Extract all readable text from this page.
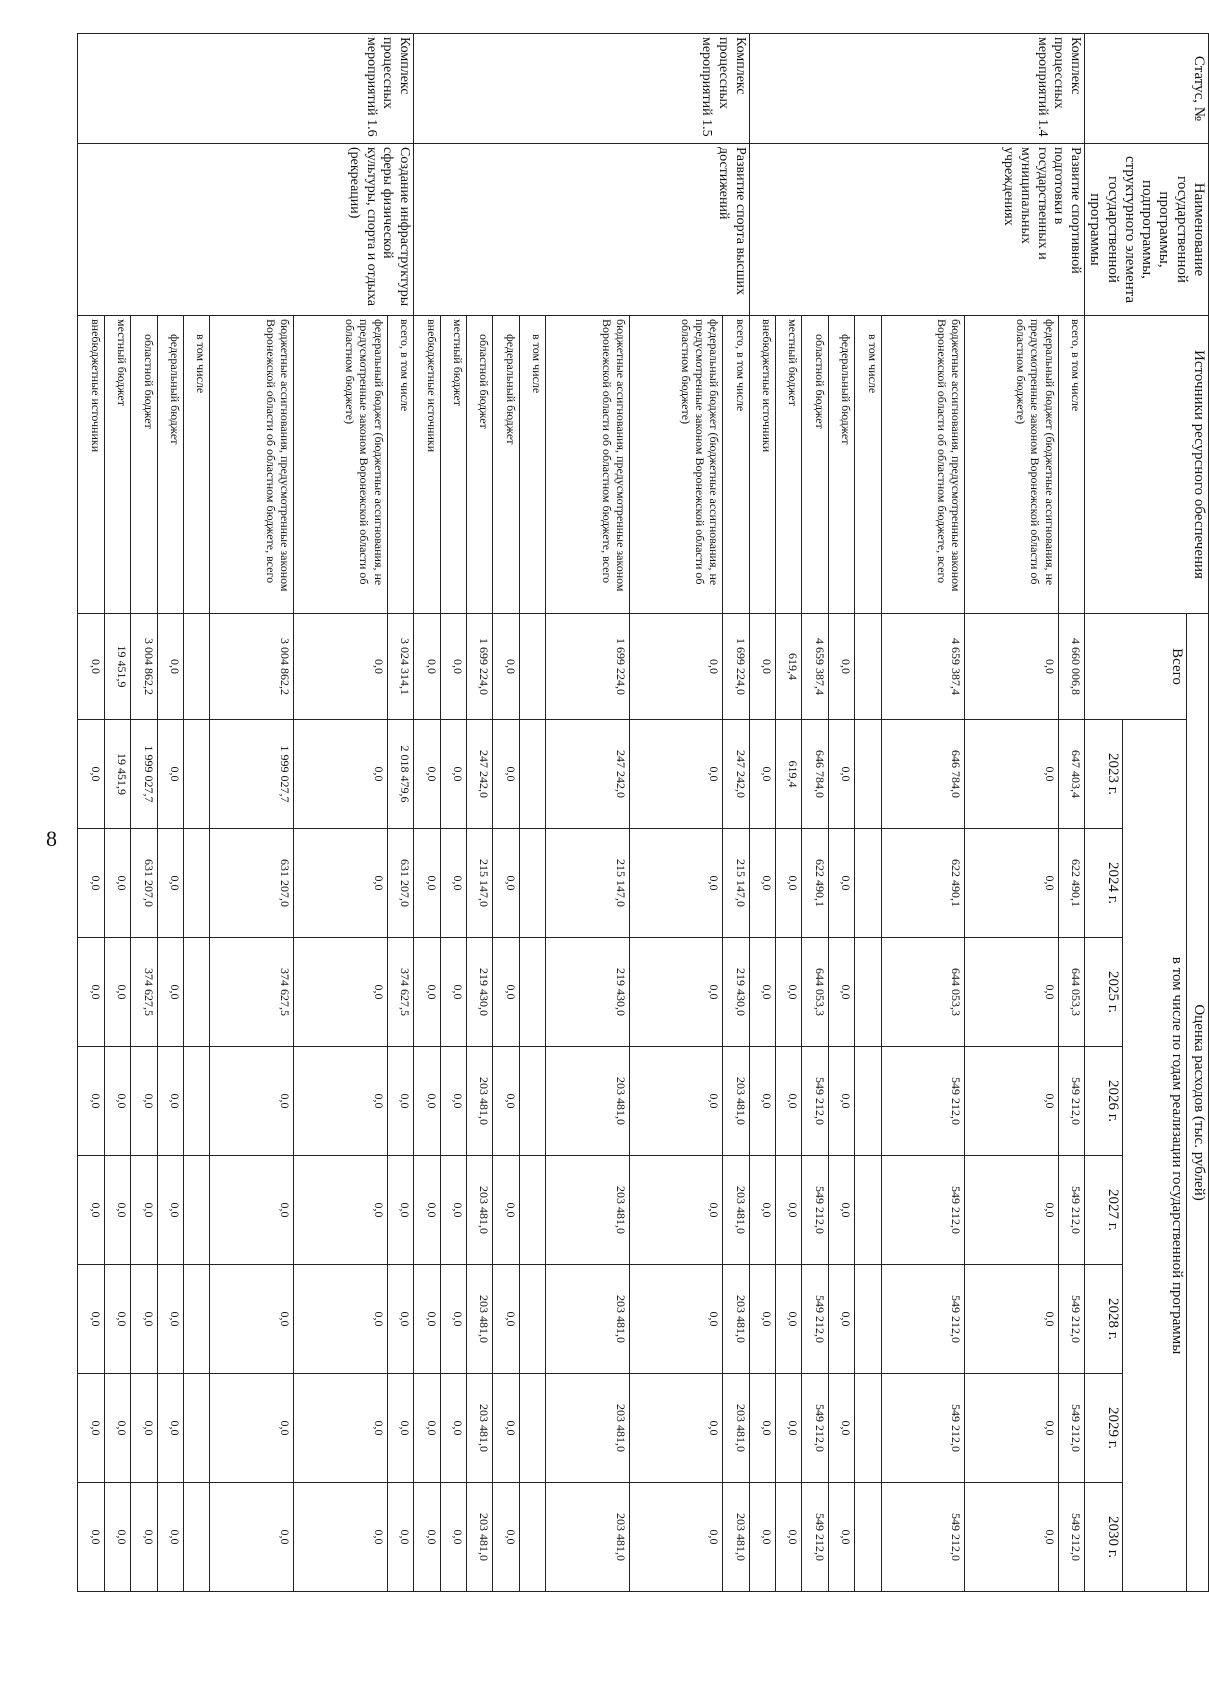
8
Статус, №	Наименование государственной программы, подпрограммы, структурного элемента государственной программы	Источники ресурсного обеспечения	Оценка расходов (тыс. рублей)								
			Всего	в том числе по годам реализации государственной программы							
				2023 г.	2024 г.	2025 г.	2026 г.	2027 г.	2028 г.	2029 г.	2030 г.
Комплекс процессных мероприятий 1.4	Развитие спортивной подготовки в государственных и муниципальных учреждениях	всего, в том числе	4 660 006,8	647 403,4	622 490,1	644 053,3	549 212,0	549 212,0	549 212,0	549 212,0	549 212,0
		федеральный бюджет (бюджетные ассигнования, не предусмотренные законом Воронежской области об областном бюджете)	0,0	0,0	0,0	0,0	0,0	0,0	0,0	0,0	0,0
		бюджетные ассигнования, предусмотренные законом Воронежской области об областном бюджете, всего	4 659 387,4	646 784,0	622 490,1	644 053,3	549 212,0	549 212,0	549 212,0	549 212,0	549 212,0
		в том числе									
		федеральный бюджет	0,0	0,0	0,0	0,0	0,0	0,0	0,0	0,0	0,0
		областной бюджет	4 659 387,4	646 784,0	622 490,1	644 053,3	549 212,0	549 212,0	549 212,0	549 212,0	549 212,0
		местный бюджет	619,4	619,4	0,0	0,0	0,0	0,0	0,0	0,0	0,0
		внебюджетные источники	0,0	0,0	0,0	0,0	0,0	0,0	0,0	0,0	0,0
Комплекс процессных мероприятий 1.5	Развитие спорта высших достижений	всего, в том числе	1 699 224,0	247 242,0	215 147,0	219 430,0	203 481,0	203 481,0	203 481,0	203 481,0	203 481,0
		федеральный бюджет (бюджетные ассигнования, не предусмотренные законом Воронежской области об областном бюджете)	0,0	0,0	0,0	0,0	0,0	0,0	0,0	0,0	0,0
		бюджетные ассигнования, предусмотренные законом Воронежской области об областном бюджете, всего	1 699 224,0	247 242,0	215 147,0	219 430,0	203 481,0	203 481,0	203 481,0	203 481,0	203 481,0
		в том числе									
		федеральный бюджет	0,0	0,0	0,0	0,0	0,0	0,0	0,0	0,0	0,0
		областной бюджет	1 699 224,0	247 242,0	215 147,0	219 430,0	203 481,0	203 481,0	203 481,0	203 481,0	203 481,0
		местный бюджет	0,0	0,0	0,0	0,0	0,0	0,0	0,0	0,0	0,0
		внебюджетные источники	0,0	0,0	0,0	0,0	0,0	0,0	0,0	0,0	0,0
Комплекс процессных мероприятий 1.6	Создание инфраструктуры сферы физической культуры, спорта и отдыха (рекреации)	всего, в том числе	3 024 314,1	2 018 479,6	631 207,0	374 627,5	0,0	0,0	0,0	0,0	0,0
		федеральный бюджет (бюджетные ассигнования, не предусмотренные законом Воронежской области об областном бюджете)	0,0	0,0	0,0	0,0	0,0	0,0	0,0	0,0	0,0
		бюджетные ассигнования, предусмотренные законом Воронежской области об областном бюджете, всего	3 004 862,2	1 999 027,7	631 207,0	374 627,5	0,0	0,0	0,0	0,0	0,0
		в том числе									
		федеральный бюджет	0,0	0,0	0,0	0,0	0,0	0,0	0,0	0,0	0,0
		областной бюджет	3 004 862,2	1 999 027,7	631 207,0	374 627,5	0,0	0,0	0,0	0,0	0,0
		местный бюджет	19 451,9	19 451,9	0,0	0,0	0,0	0,0	0,0	0,0	0,0
		внебюджетные источники	0,0	0,0	0,0	0,0	0,0	0,0	0,0	0,0	0,0
